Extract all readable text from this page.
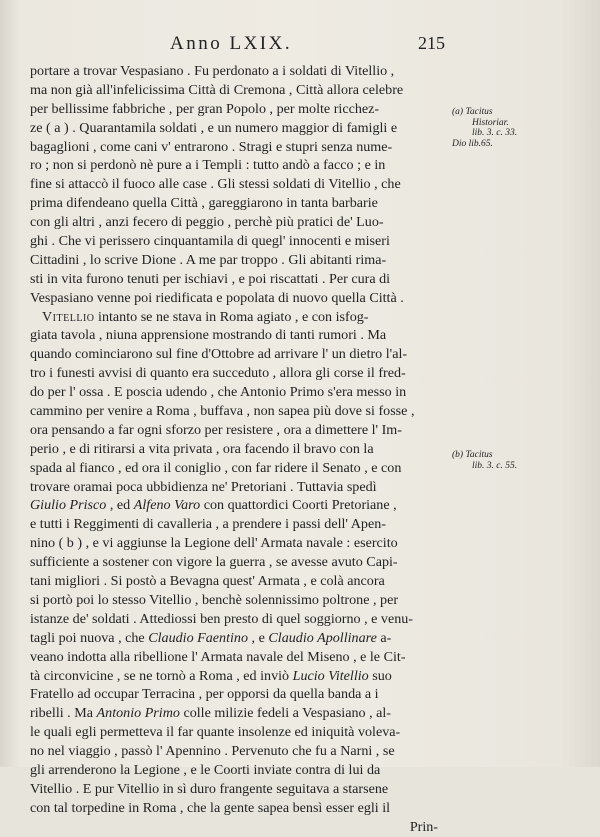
Anno LXIX.	215
portare a trovar Vespasiano . Fu perdonato a i soldati di Vitellio ,
ma non già all'infelicissima Città di Cremona , Città allora celebre
per bellissime fabbriche , per gran Popolo , per molte ricchez-
ze ( a ) . Quarantamila soldati , e un numero maggior di famigli e
bagaglioni , come cani v' entrarono . Stragi e stupri senza nume-
ro ; non si perdonò nè pure a i Templi : tutto andò a facco ; e in
fine si attaccò il fuoco alle case . Gli stessi soldati di Vitellio , che
prima difendeano quella Città , gareggiarono in tanta barbarie
con gli altri , anzi fecero di peggio , perchè più pratici de' Luo-
ghi . Che vi perissero cinquantamila di quegl' innocenti e miseri
Cittadini , lo scrive Dione . A me par troppo . Gli abitanti rima-
sti in vita furono tenuti per ischiavi , e poi riscattati . Per cura di
Vespasiano venne poi riedificata e popolata di nuovo quella Città .
Vitellio intanto se ne stava in Roma agiato , e con isfog-
giata tavola , niuna apprensione mostrando di tanti rumori . Ma
quando cominciarono sul fine d'Ottobre ad arrivare l' un dietro l'al-
tro i funesti avvisi di quanto era succeduto , allora gli corse il fred-
do per l' ossa . E poscia udendo , che Antonio Primo s'era messo in
cammino per venire a Roma , buffava , non sapea più dove si fosse ,
ora pensando a far ogni sforzo per resistere , ora a dimettere l' Im-
perio , e di ritirarsi a vita privata , ora facendo il bravo con la
spada al fianco , ed ora il coniglio , con far ridere il Senato , e con
trovare oramai poca ubbidienza ne' Pretoriani . Tuttavia spedì
Giulio Prisco , ed Alfeno Varo con quattordici Coorti Pretoriane ,
e tutti i Reggimenti di cavalleria , a prendere i passi dell' Apen-
nino ( b ) , e vi aggiunse la Legione dell' Armata navale : esercito
sufficiente a sostener con vigore la guerra , se avesse avuto Capi-
tani migliori . Si postò a Bevagna quest' Armata , e colà ancora
si portò poi lo stesso Vitellio , benchè solennissimo poltrone , per
istanze de' soldati . Attediossi ben presto di quel soggiorno , e venu-
tagli poi nuova , che Claudio Faentino , e Claudio Apollinare a-
veano indotta alla ribellione l' Armata navale del Miseno , e le Cit-
tà circonvicine , se ne tornò a Roma , ed inviò Lucio Vitellio suo
Fratello ad occupar Terracina , per opporsi da quella banda a i
ribelli . Ma Antonio Primo colle milizie fedeli a Vespasiano , al-
le quali egli permetteva il far quante insolenze ed iniquità voleva-
no nel viaggio , passò l' Apennino . Pervenuto che fu a Narni , se
gli arrenderono la Legione , e le Coorti inviate contra di lui da
Vitellio . E pur Vitellio in sì duro frangente seguitava a starsene
con tal torpedine in Roma , che la gente sapea bensì esser egli il
Prin-
(a) Tacitus
Historiar.
lib. 3. c. 33.
Dio lib.65.
(b) Tacitus
lib. 3. c. 55.
